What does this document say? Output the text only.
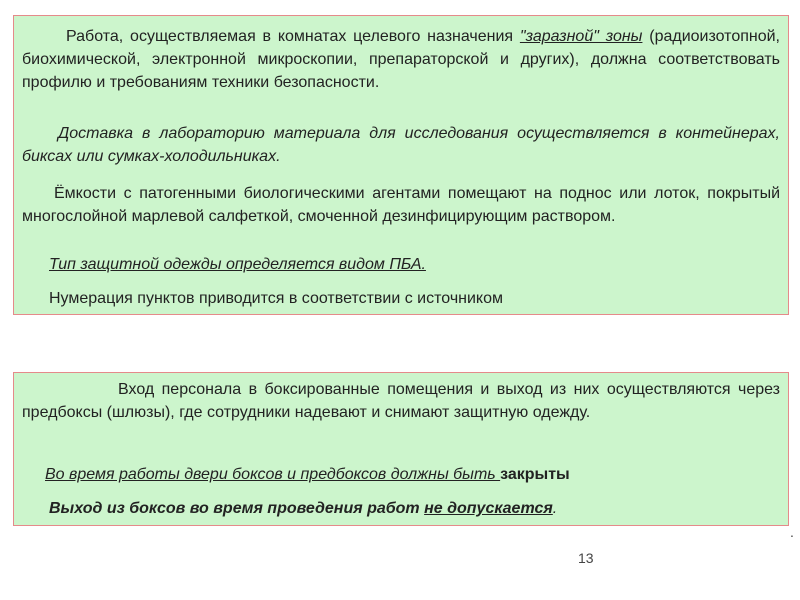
Работа, осуществляемая в комнатах целевого назначения "заразной" зоны (радиоизотопной, биохимической, электронной микроскопии, препараторской и других), должна соответствовать профилю и требованиям техники безопасности.

Доставка в лабораторию материала для исследования осуществляется в контейнерах, биксах или сумках-холодильниках.

Ёмкости с патогенными биологическими агентами помещают на поднос или лоток, покрытый многослойной марлевой салфеткой, смоченной дезинфицирующим раствором.

Тип защитной одежды определяется видом ПБА.

Нумерация пунктов приводится в соответствии с источником

Вход персонала в боксированные помещения и выход из них осуществляются через предбоксы (шлюзы), где сотрудники надевают и снимают защитную одежду.

Во время работы двери боксов и предбоксов должны быть закрыты

Выход из боксов во время проведения работ не допускается.

.
13
